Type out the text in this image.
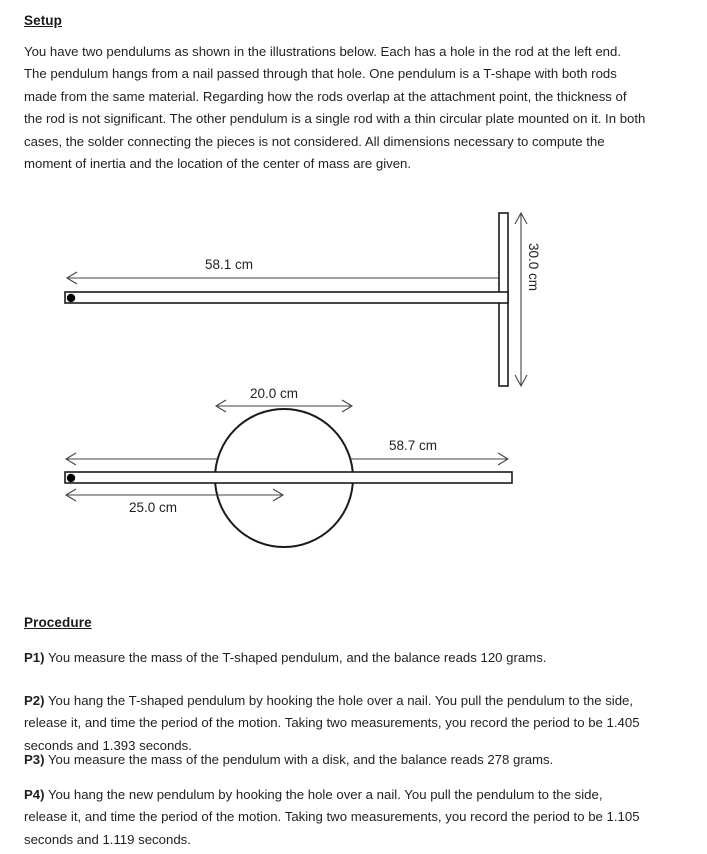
Setup
You have two pendulums as shown in the illustrations below. Each has a hole in the rod at the left end. The pendulum hangs from a nail passed through that hole. One pendulum is a T-shape with both rods made from the same material. Regarding how the rods overlap at the attachment point, the thickness of the rod is not significant. The other pendulum is a single rod with a thin circular plate mounted on it. In both cases, the solder connecting the pieces is not considered. All dimensions necessary to compute the moment of inertia and the location of the center of mass are given.
58.1 cm	30.0 cm
20.0 cm
58.7 cm
25.0 cm
Procedure
P1) You measure the mass of the T-shaped pendulum, and the balance reads 120 grams.
P2) You hang the T-shaped pendulum by hooking the hole over a nail. You pull the pendulum to the side, release it, and time the period of the motion. Taking two measurements, you record the period to be 1.405 seconds and 1.393 seconds.
P3) You measure the mass of the pendulum with a disk, and the balance reads 278 grams.
P4) You hang the new pendulum by hooking the hole over a nail. You pull the pendulum to the side, release it, and time the period of the motion. Taking two measurements, you record the period to be 1.105 seconds and 1.119 seconds.
